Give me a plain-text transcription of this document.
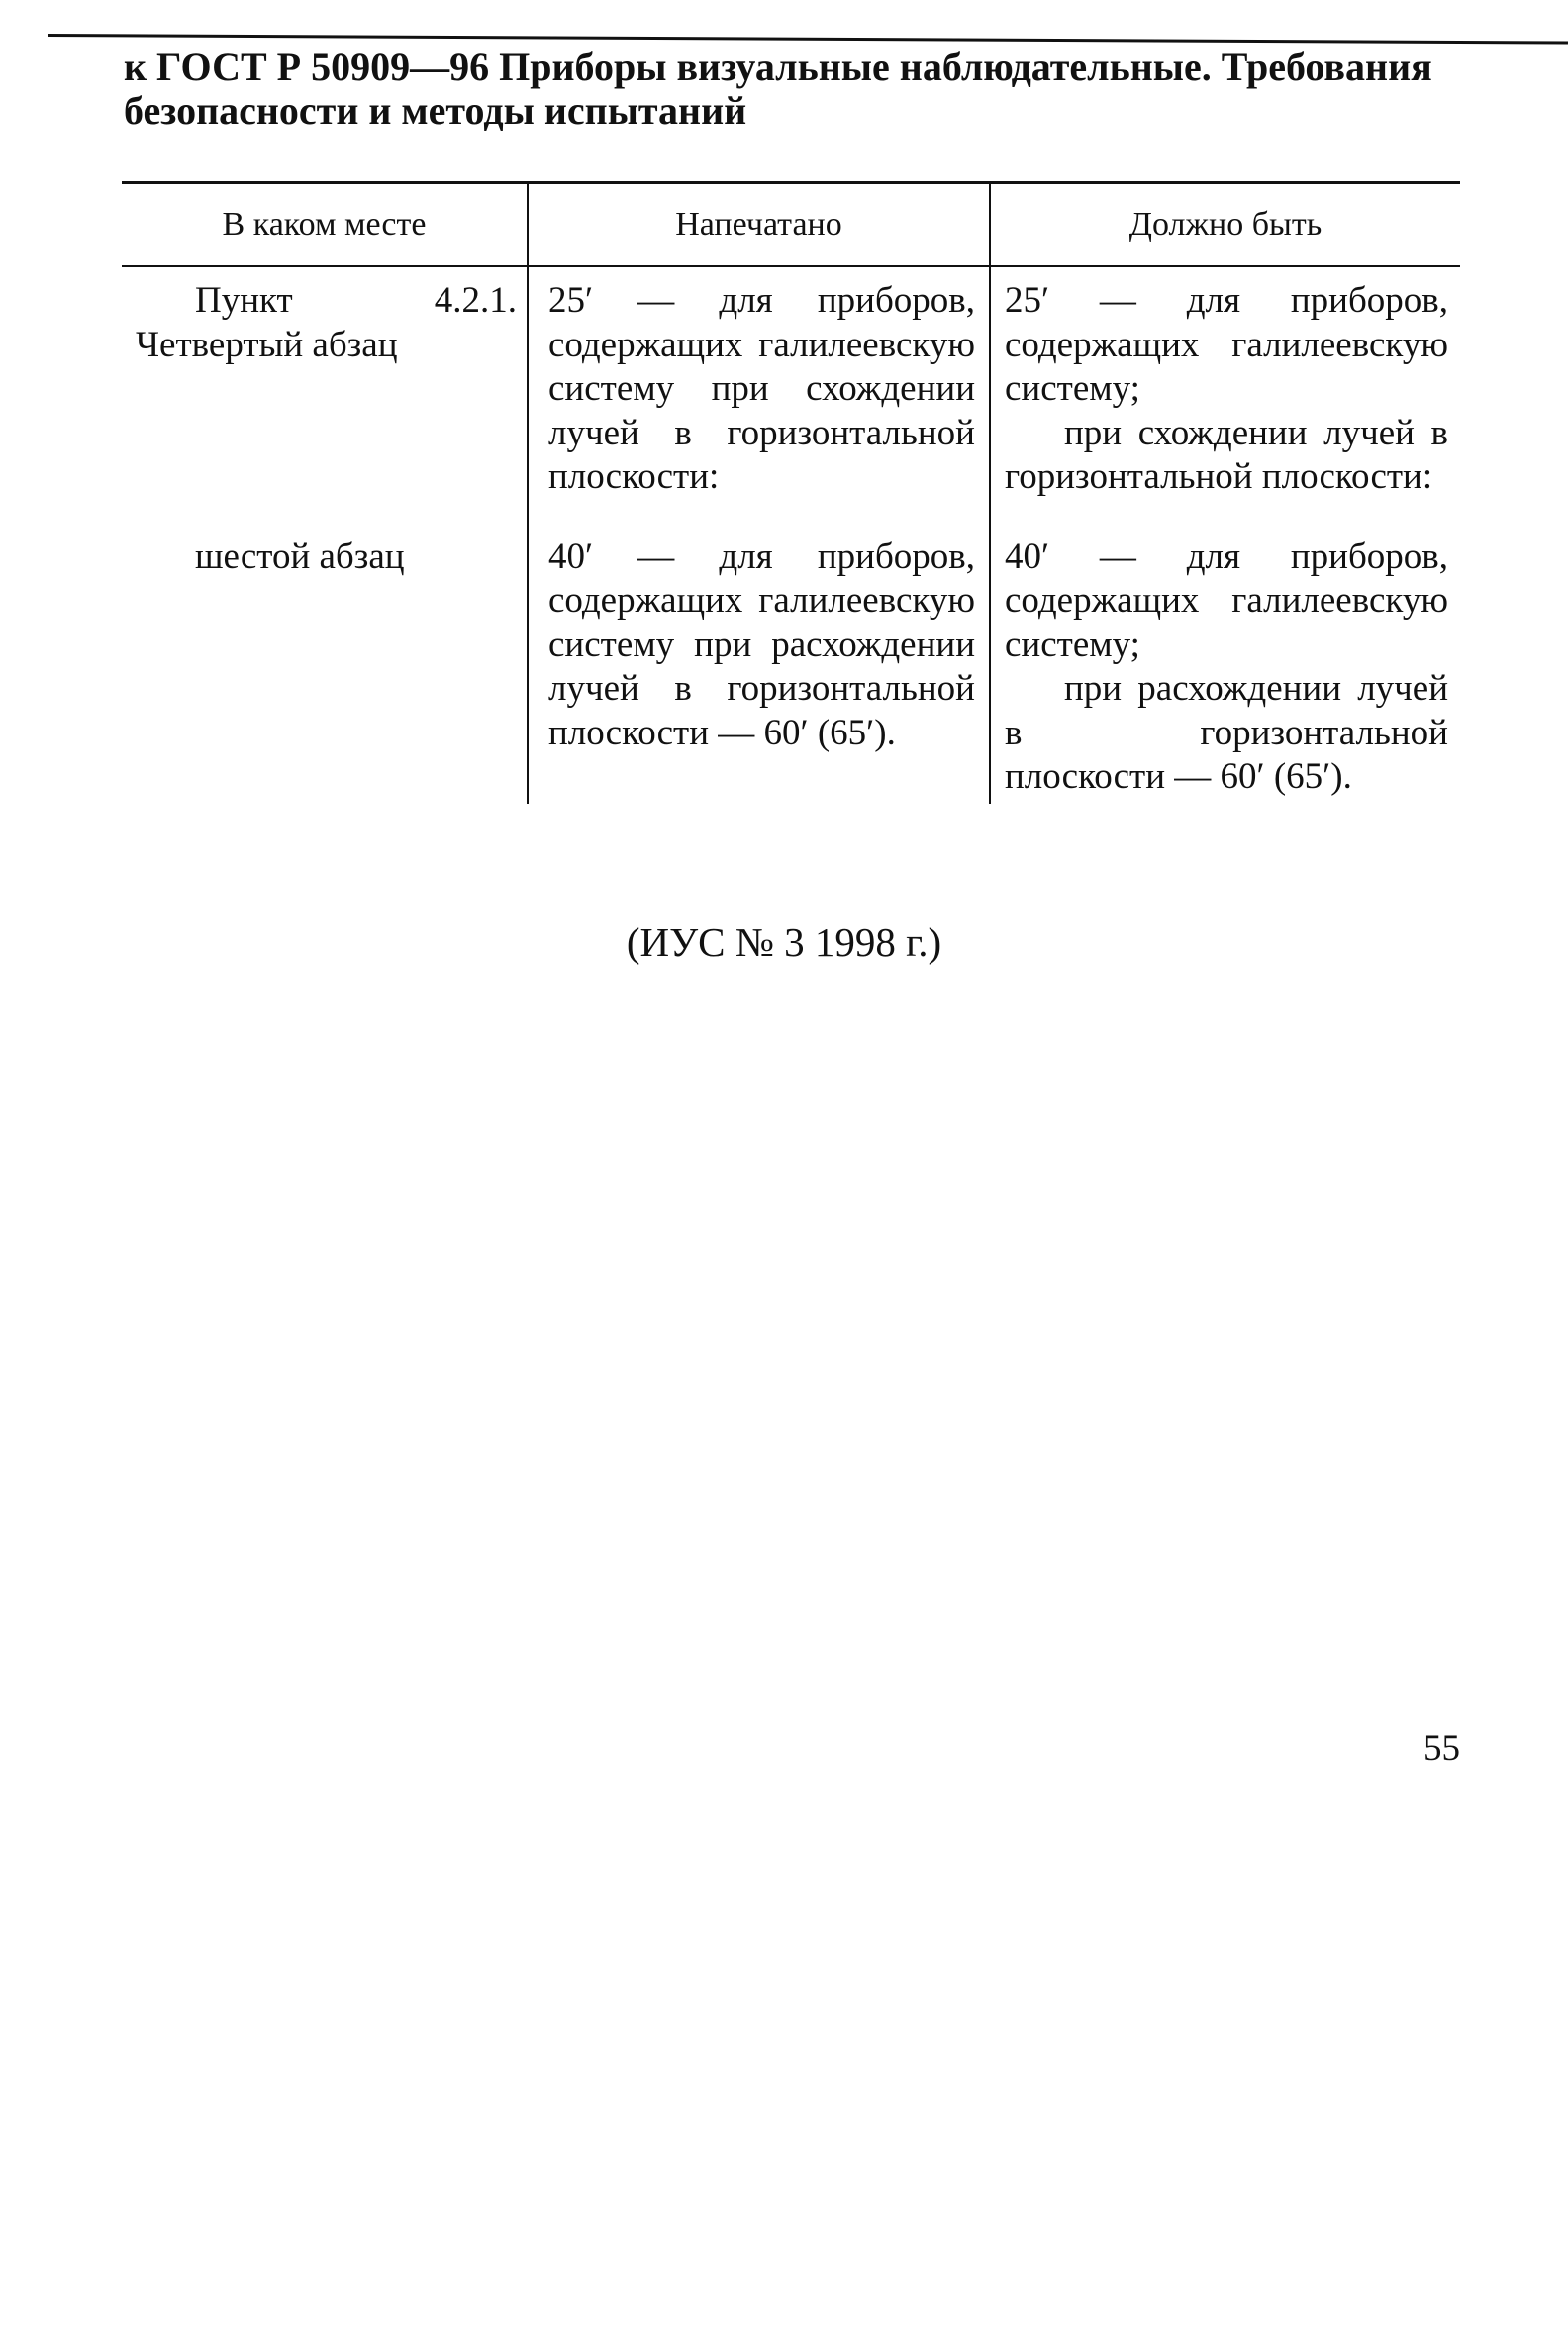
к ГОСТ Р 50909—96 Приборы визуальные наблюдательные. Требования
безопасности и методы испытаний
В каком месте	Напечатано	Должно быть

Пункт 4.2.1. Четвертый абзац	25′ — для приборов, содержащих галилеевскую систему при схождении лучей в горизонтальной плоскости:	25′ — для приборов, содержащих галилеевскую систему;
при схождении лучей в горизонтальной плоскости:

шестой абзац	40′ — для приборов, содержащих галилеевскую систему при расхождении лучей в горизонтальной плоскости — 60′ (65′).	40′ — для приборов, содержащих галилеевскую систему;
при расхождении лучей в горизонтальной плоскости — 60′ (65′).
(ИУС № 3 1998 г.)
55
